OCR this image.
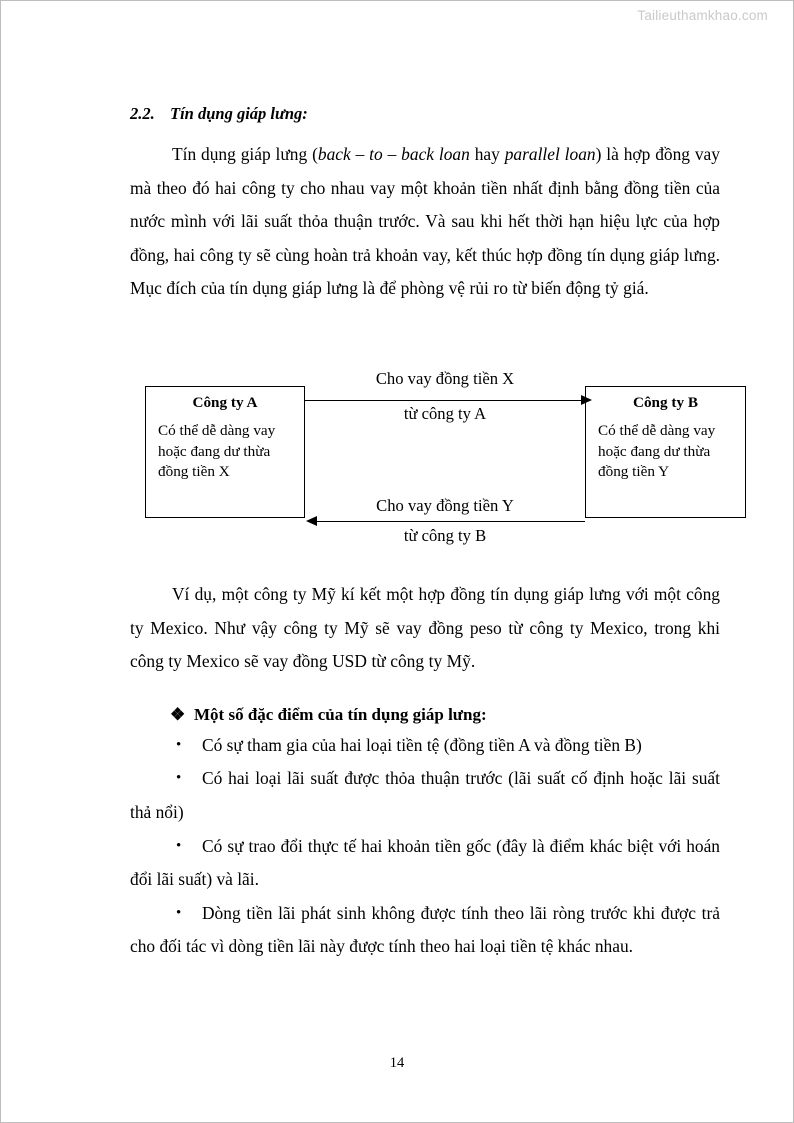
Tailieuthamkhao.com
2.2. Tín dụng giáp lưng:

Tín dụng giáp lưng (back – to – back loan hay parallel loan) là hợp đồng vay mà theo đó hai công ty cho nhau vay một khoản tiền nhất định bằng đồng tiền của nước mình với lãi suất thỏa thuận trước. Và sau khi hết thời hạn hiệu lực của hợp đồng, hai công ty sẽ cùng hoàn trả khoản vay, kết thúc hợp đồng tín dụng giáp lưng. Mục đích của tín dụng giáp lưng là để phòng vệ rủi ro từ biến động tỷ giá.

Công ty A
Có thể dễ dàng vay
hoặc đang dư thừa
đồng tiền X
Công ty B
Có thể dễ dàng vay
hoặc đang dư thừa
đồng tiền Y
Cho vay đồng tiền X
từ công ty A
Cho vay đồng tiền Y
từ công ty B

Ví dụ, một công ty Mỹ kí kết một hợp đồng tín dụng giáp lưng với một công ty Mexico. Như vậy công ty Mỹ sẽ vay đồng peso từ công ty Mexico, trong khi công ty Mexico sẽ vay đồng USD từ công ty Mỹ.

❖ Một số đặc điểm của tín dụng giáp lưng:
•	Có sự tham gia của hai loại tiền tệ (đồng tiền A và đồng tiền B)
•	Có hai loại lãi suất được thỏa thuận trước (lãi suất cố định hoặc lãi suất thả nổi)
•	Có sự trao đổi thực tế hai khoản tiền gốc (đây là điểm khác biệt với hoán đổi lãi suất) và lãi.
•	Dòng tiền lãi phát sinh không được tính theo lãi ròng trước khi được trả cho đối tác vì dòng tiền lãi này được tính theo hai loại tiền tệ khác nhau.
14
